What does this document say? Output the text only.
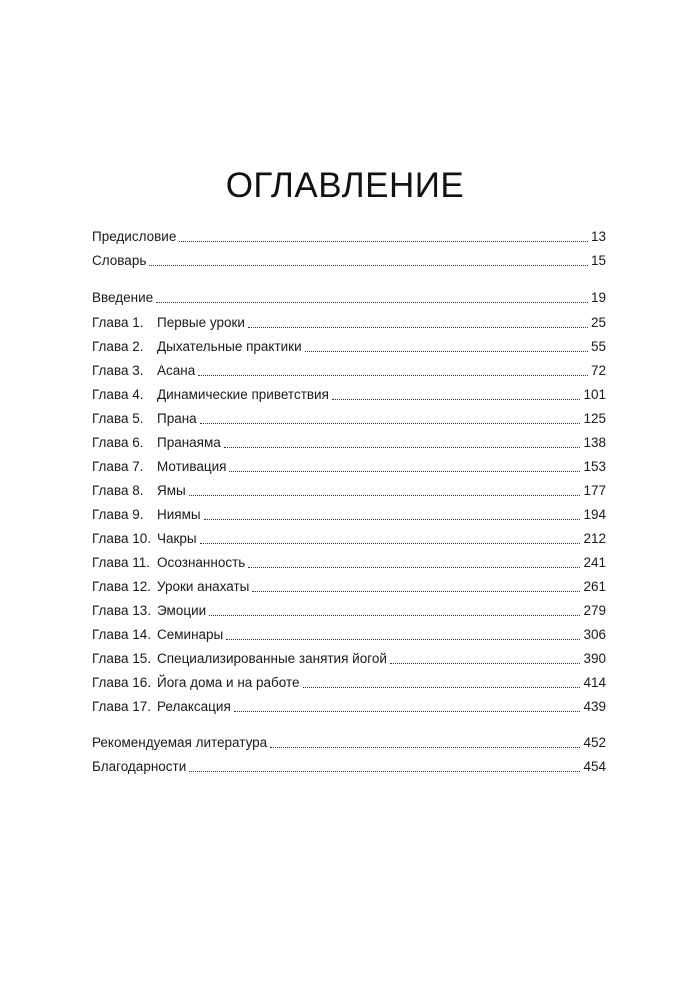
ОГЛАВЛЕНИЕ
Предисловие	13
Словарь	15
Введение	19
Глава 1. Первые уроки	25
Глава 2. Дыхательные практики	55
Глава 3. Асана	72
Глава 4. Динамические приветствия	101
Глава 5. Прана	125
Глава 6. Пранаяма	138
Глава 7. Мотивация	153
Глава 8. Ямы	177
Глава 9. Ниямы	194
Глава 10. Чакры	212
Глава 11. Осознанность	241
Глава 12. Уроки анахаты	261
Глава 13. Эмоции	279
Глава 14. Семинары	306
Глава 15. Специализированные занятия йогой	390
Глава 16. Йога дома и на работе	414
Глава 17. Релаксация	439
Рекомендуемая литература	452
Благодарности	454
